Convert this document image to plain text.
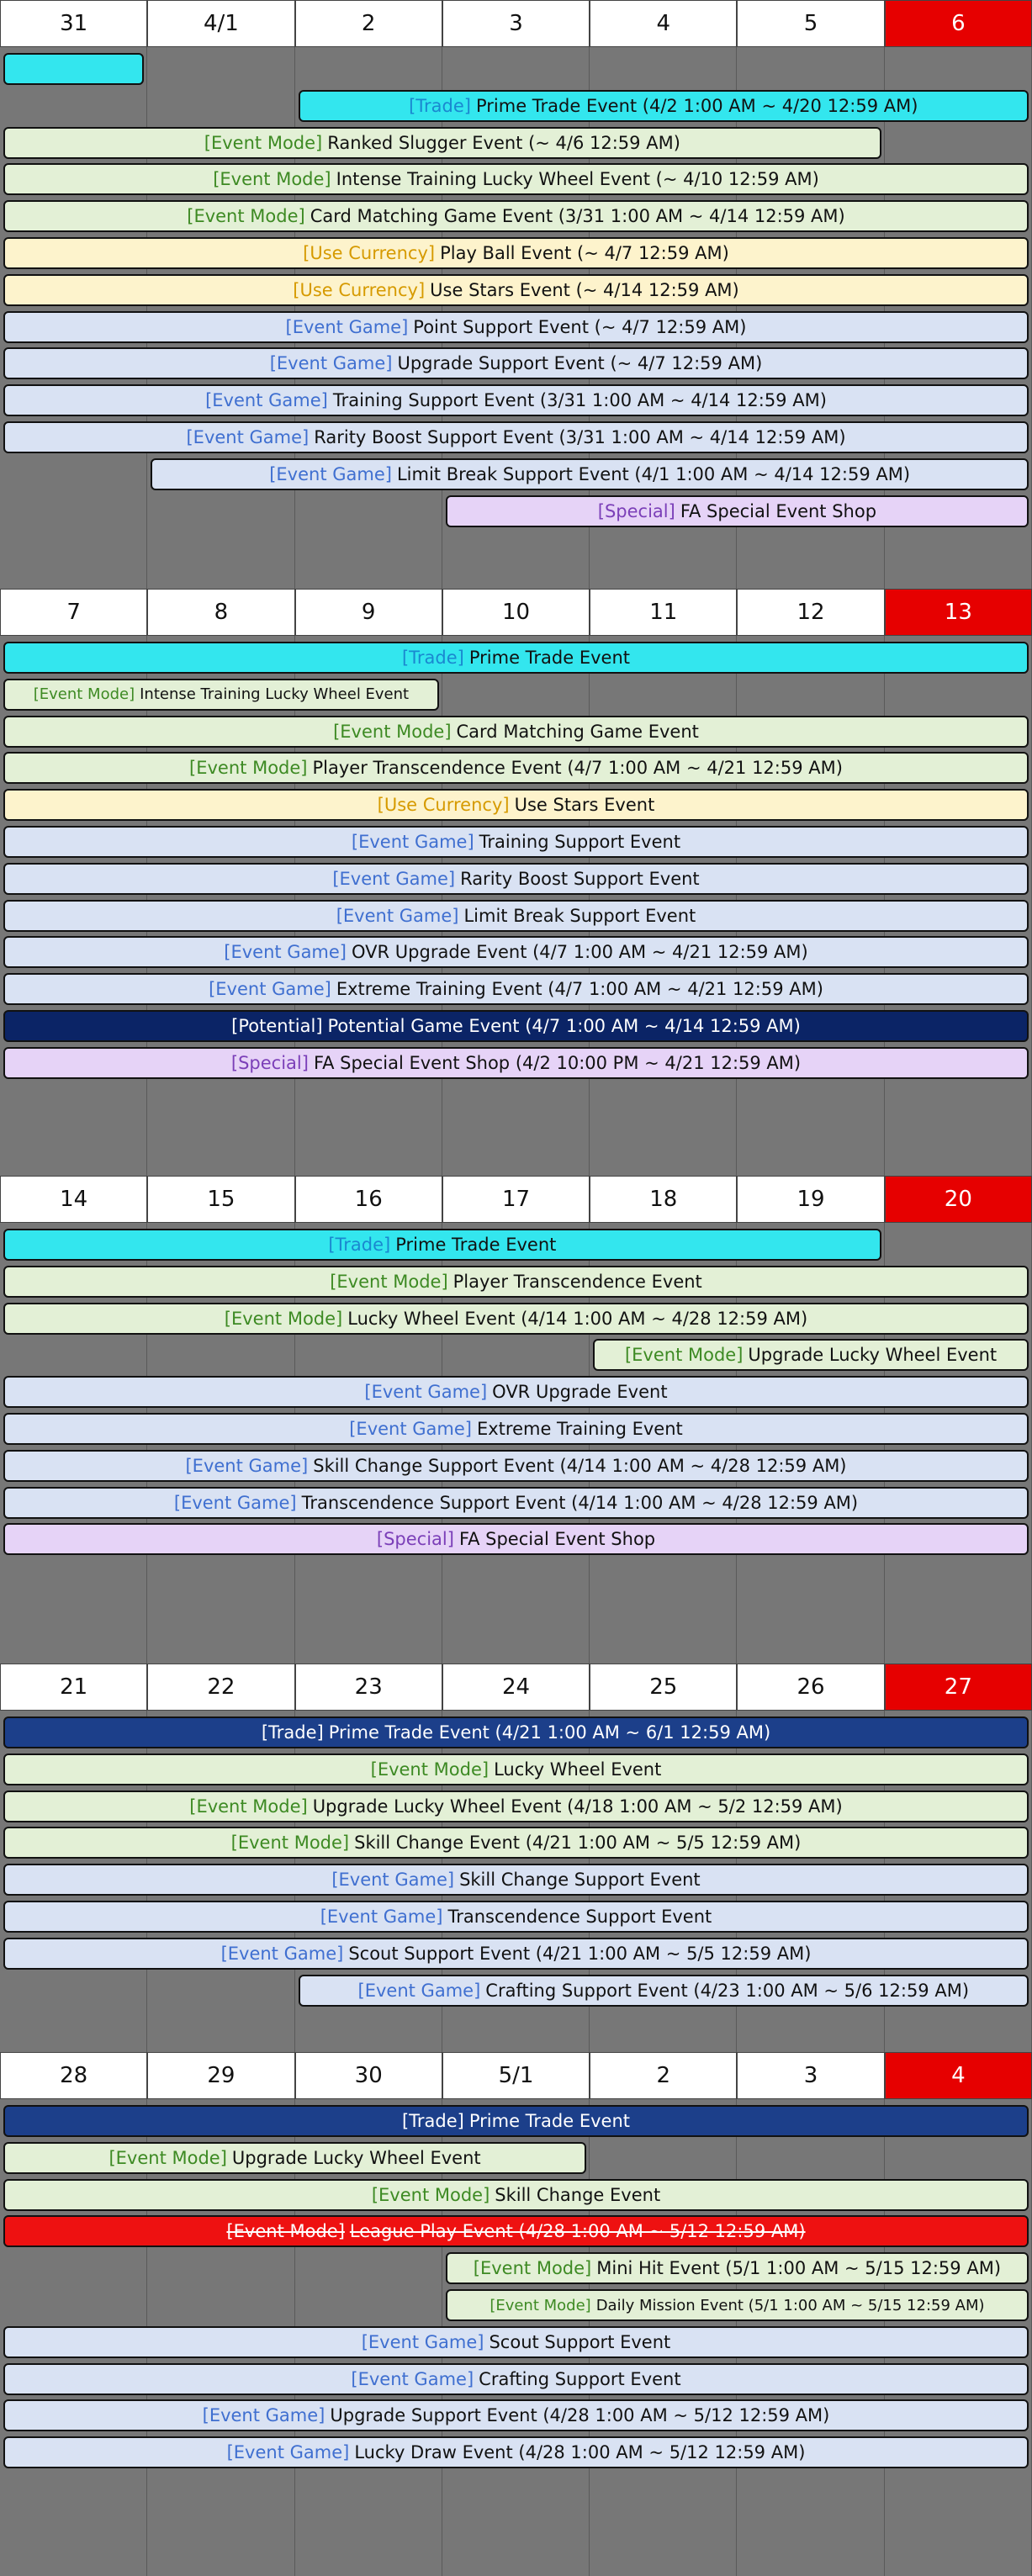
31	4/1	2	3	4	5	6
[Trade] Prime Trade Event (4/2 1:00 AM ~ 4/20 12:59 AM)
[Event Mode] Ranked Slugger Event (~ 4/6 12:59 AM)
[Event Mode] Intense Training Lucky Wheel Event (~ 4/10 12:59 AM)
[Event Mode] Card Matching Game Event (3/31 1:00 AM ~ 4/14 12:59 AM)
[Use Currency] Play Ball Event (~ 4/7 12:59 AM)
[Use Currency] Use Stars Event (~ 4/14 12:59 AM)
[Event Game] Point Support Event (~ 4/7 12:59 AM)
[Event Game] Upgrade Support Event (~ 4/7 12:59 AM)
[Event Game] Training Support Event (3/31 1:00 AM ~ 4/14 12:59 AM)
[Event Game] Rarity Boost Support Event (3/31 1:00 AM ~ 4/14 12:59 AM)
[Event Game] Limit Break Support Event (4/1 1:00 AM ~ 4/14 12:59 AM)
[Special] FA Special Event Shop
7	8	9	10	11	12	13
[Trade] Prime Trade Event
[Event Mode] Intense Training Lucky Wheel Event
[Event Mode] Card Matching Game Event
[Event Mode] Player Transcendence Event (4/7 1:00 AM ~ 4/21 12:59 AM)
[Use Currency] Use Stars Event
[Event Game] Training Support Event
[Event Game] Rarity Boost Support Event
[Event Game] Limit Break Support Event
[Event Game] OVR Upgrade Event (4/7 1:00 AM ~ 4/21 12:59 AM)
[Event Game] Extreme Training Event (4/7 1:00 AM ~ 4/21 12:59 AM)
[Potential] Potential Game Event (4/7 1:00 AM ~ 4/14 12:59 AM)
[Special] FA Special Event Shop (4/2 10:00 PM ~ 4/21 12:59 AM)
14	15	16	17	18	19	20
[Trade] Prime Trade Event
[Event Mode] Player Transcendence Event
[Event Mode] Lucky Wheel Event (4/14 1:00 AM ~ 4/28 12:59 AM)
[Event Mode] Upgrade Lucky Wheel Event
[Event Game] OVR Upgrade Event
[Event Game] Extreme Training Event
[Event Game] Skill Change Support Event (4/14 1:00 AM ~ 4/28 12:59 AM)
[Event Game] Transcendence Support Event (4/14 1:00 AM ~ 4/28 12:59 AM)
[Special] FA Special Event Shop
21	22	23	24	25	26	27
[Trade] Prime Trade Event (4/21 1:00 AM ~ 6/1 12:59 AM)
[Event Mode] Lucky Wheel Event
[Event Mode] Upgrade Lucky Wheel Event (4/18 1:00 AM ~ 5/2 12:59 AM)
[Event Mode] Skill Change Event (4/21 1:00 AM ~ 5/5 12:59 AM)
[Event Game] Skill Change Support Event
[Event Game] Transcendence Support Event
[Event Game] Scout Support Event (4/21 1:00 AM ~ 5/5 12:59 AM)
[Event Game] Crafting Support Event (4/23 1:00 AM ~ 5/6 12:59 AM)
28	29	30	5/1	2	3	4
[Trade] Prime Trade Event
[Event Mode] Upgrade Lucky Wheel Event
[Event Mode] Skill Change Event
[Event Mode] League Play Event (4/28 1:00 AM ~ 5/12 12:59 AM)
[Event Mode] Mini Hit Event (5/1 1:00 AM ~ 5/15 12:59 AM)
[Event Mode] Daily Mission Event (5/1 1:00 AM ~ 5/15 12:59 AM)
[Event Game] Scout Support Event
[Event Game] Crafting Support Event
[Event Game] Upgrade Support Event (4/28 1:00 AM ~ 5/12 12:59 AM)
[Event Game] Lucky Draw Event (4/28 1:00 AM ~ 5/12 12:59 AM)
